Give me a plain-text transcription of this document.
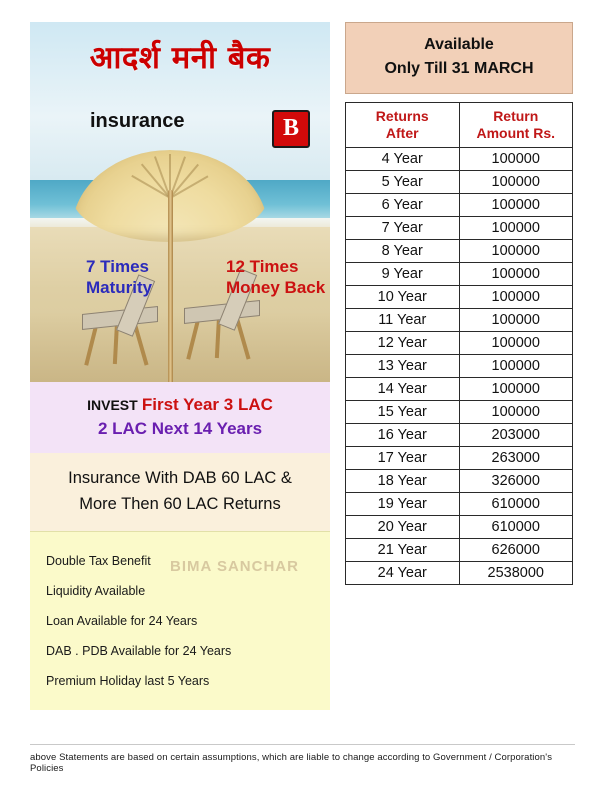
आदर्श मनी बैक
insurance	B
7 Times
Maturity
12 Times
Money Back
INVEST First Year 3 LAC
2 LAC Next 14 Years
Insurance With DAB 60 LAC &
More Then 60 LAC Returns
BIMA SANCHAR
Double Tax Benefit
Liquidity Available
Loan Available for 24 Years
DAB . PDB Available for 24 Years
Premium Holiday last 5 Years
Available
Only Till 31 MARCH
Returns
After

Return
Amount Rs.

4 Year	100000
5 Year	100000
6 Year	100000
7 Year	100000
8 Year	100000
9 Year	100000
10 Year	100000
11 Year	100000
12 Year	100000
13 Year	100000
14 Year	100000
15 Year	100000
16 Year	203000
17 Year	263000
18 Year	326000
19 Year	610000
20 Year	610000
21 Year	626000
24 Year	2538000
above Statements are based on certain assumptions, which are liable to change according to Government / Corporation's Policies
